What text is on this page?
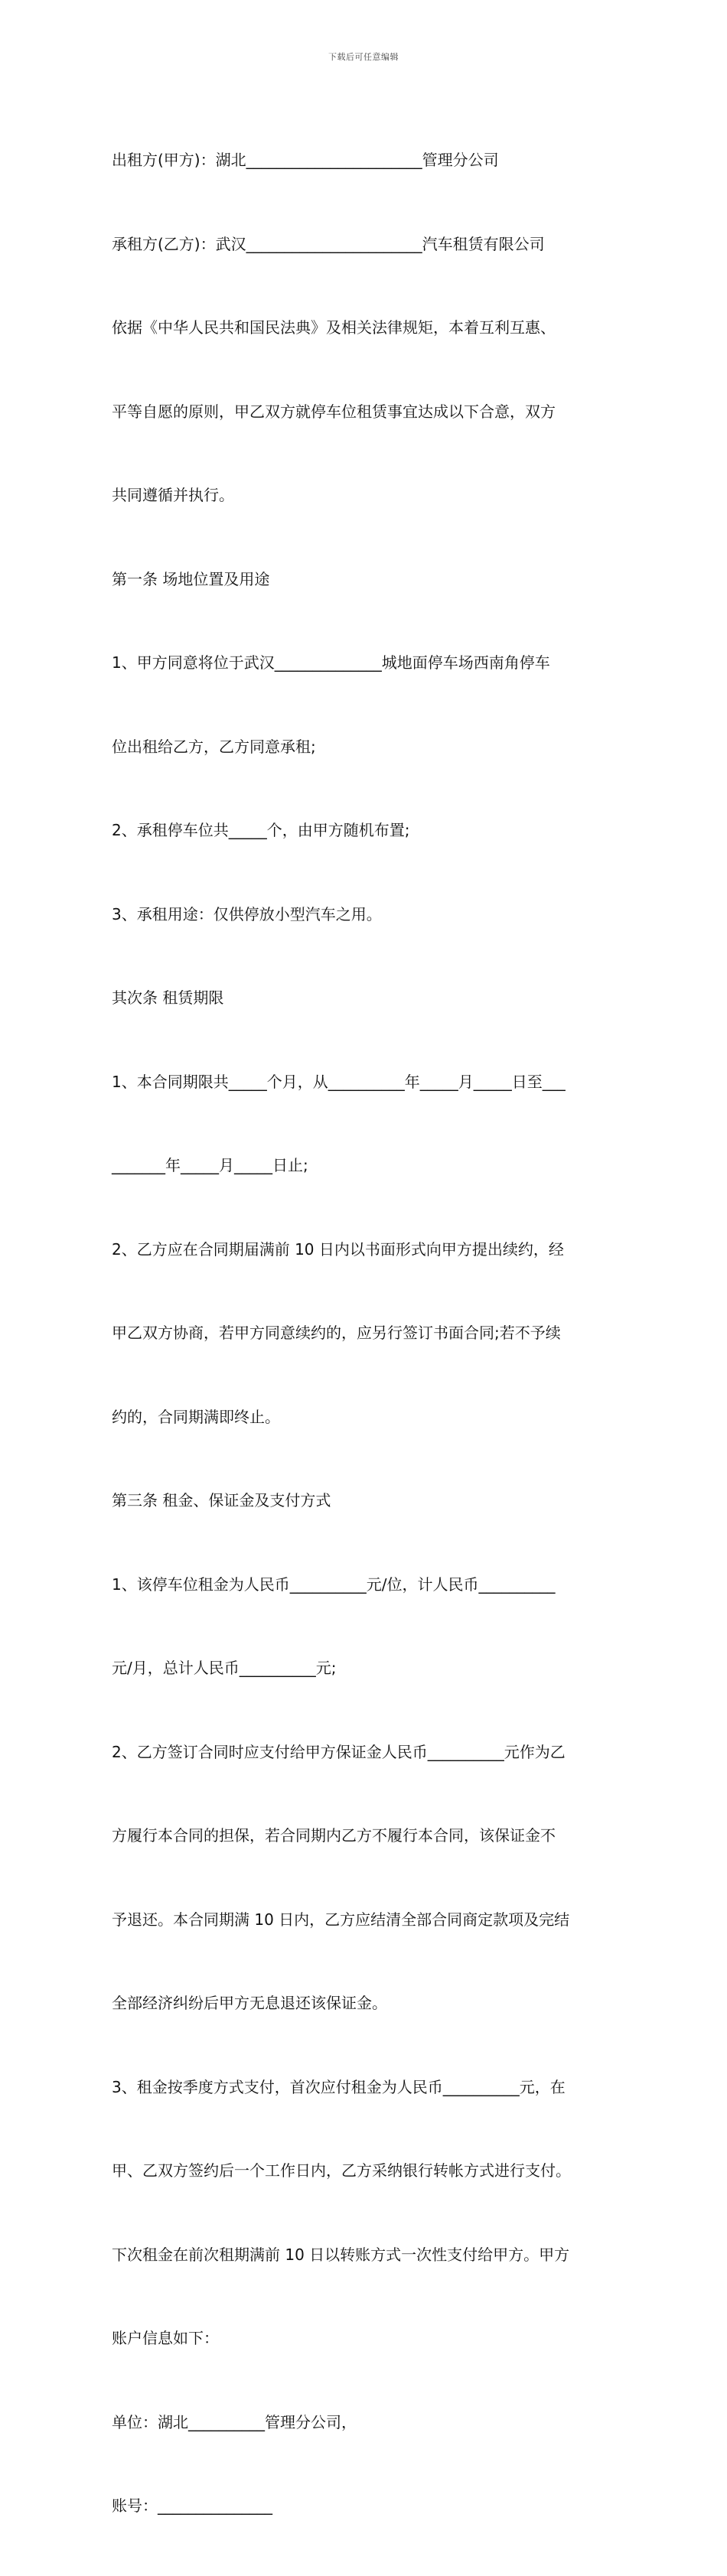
下载后可任意编辑

出租方(甲方)：湖北_______________________管理分公司

承租方(乙方)：武汉_______________________汽车租赁有限公司

依据《中华人民共和国民法典》及相关法律规矩，本着互利互惠、

平等自愿的原则，甲乙双方就停车位租赁事宜达成以下合意，双方

共同遵循并执行。

第一条 场地位置及用途

1、甲方同意将位于武汉______________城地面停车场西南角停车

位出租给乙方，乙方同意承租;

2、承租停车位共_____个，由甲方随机布置;

3、承租用途：仅供停放小型汽车之用。

其次条 租赁期限

1、本合同期限共_____个月，从__________年_____月_____日至___

_______年_____月_____日止;

2、乙方应在合同期届满前 10 日内以书面形式向甲方提出续约，经

甲乙双方协商，若甲方同意续约的，应另行签订书面合同;若不予续

约的，合同期满即终止。

第三条 租金、保证金及支付方式

1、该停车位租金为人民币__________元/位，计人民币__________

元/月，总计人民币__________元;

2、乙方签订合同时应支付给甲方保证金人民币__________元作为乙

方履行本合同的担保，若合同期内乙方不履行本合同，该保证金不

予退还。本合同期满 10 日内，乙方应结清全部合同商定款项及完结

全部经济纠纷后甲方无息退还该保证金。

3、租金按季度方式支付，首次应付租金为人民币__________元，在

甲、乙双方签约后一个工作日内，乙方采纳银行转帐方式进行支付。

下次租金在前次租期满前 10 日以转账方式一次性支付给甲方。甲方

账户信息如下：

单位：湖北__________管理分公司，

账号：_______________
